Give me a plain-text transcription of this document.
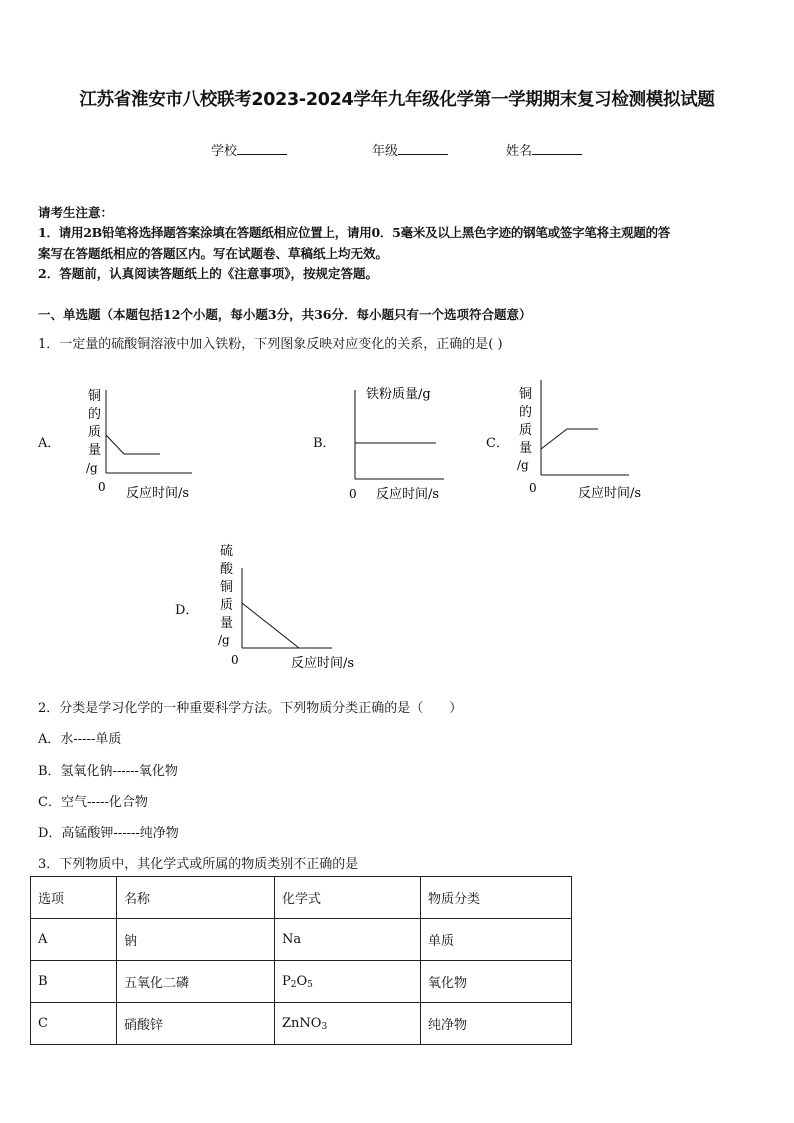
江苏省淮安市八校联考2023-2024学年九年级化学第一学期期末复习检测模拟试题
学校	年级	姓名
请考生注意：
1．请用2B铅笔将选择题答案涂填在答题纸相应位置上，请用0．5毫米及以上黑色字迹的钢笔或签字笔将主观题的答
案写在答题纸相应的答题区内。写在试题卷、草稿纸上均无效。
2．答题前，认真阅读答题纸上的《注意事项》，按规定答题。
一、单选题（本题包括12个小题，每小题3分，共36分．每小题只有一个选项符合题意）
1．一定量的硫酸铜溶液中加入铁粉，下列图象反映对应变化的关系，正确的是( )
A．
铜
的
质
量
/g
0 反应时间/s
B．
铁粉质量/g
0 反应时间/s
C．
铜
的
质
量
/g
0	反应时间/s
D．
硫
酸
铜
质
量
/g
0	反应时间/s
2．分类是学习化学的一种重要科学方法。下列物质分类正确的是（　　）
A．水-----单质
B．氢氧化钠------氧化物
C．空气-----化合物
D．高锰酸钾------纯净物
3．下列物质中，其化学式或所属的物质类别不正确的是
选项	名称	化学式	物质分类
A	钠	Na	单质
B	五氧化二磷	$P_2O_5$	氧化物
C	硝酸锌	ZnNO$_3$	纯净物
